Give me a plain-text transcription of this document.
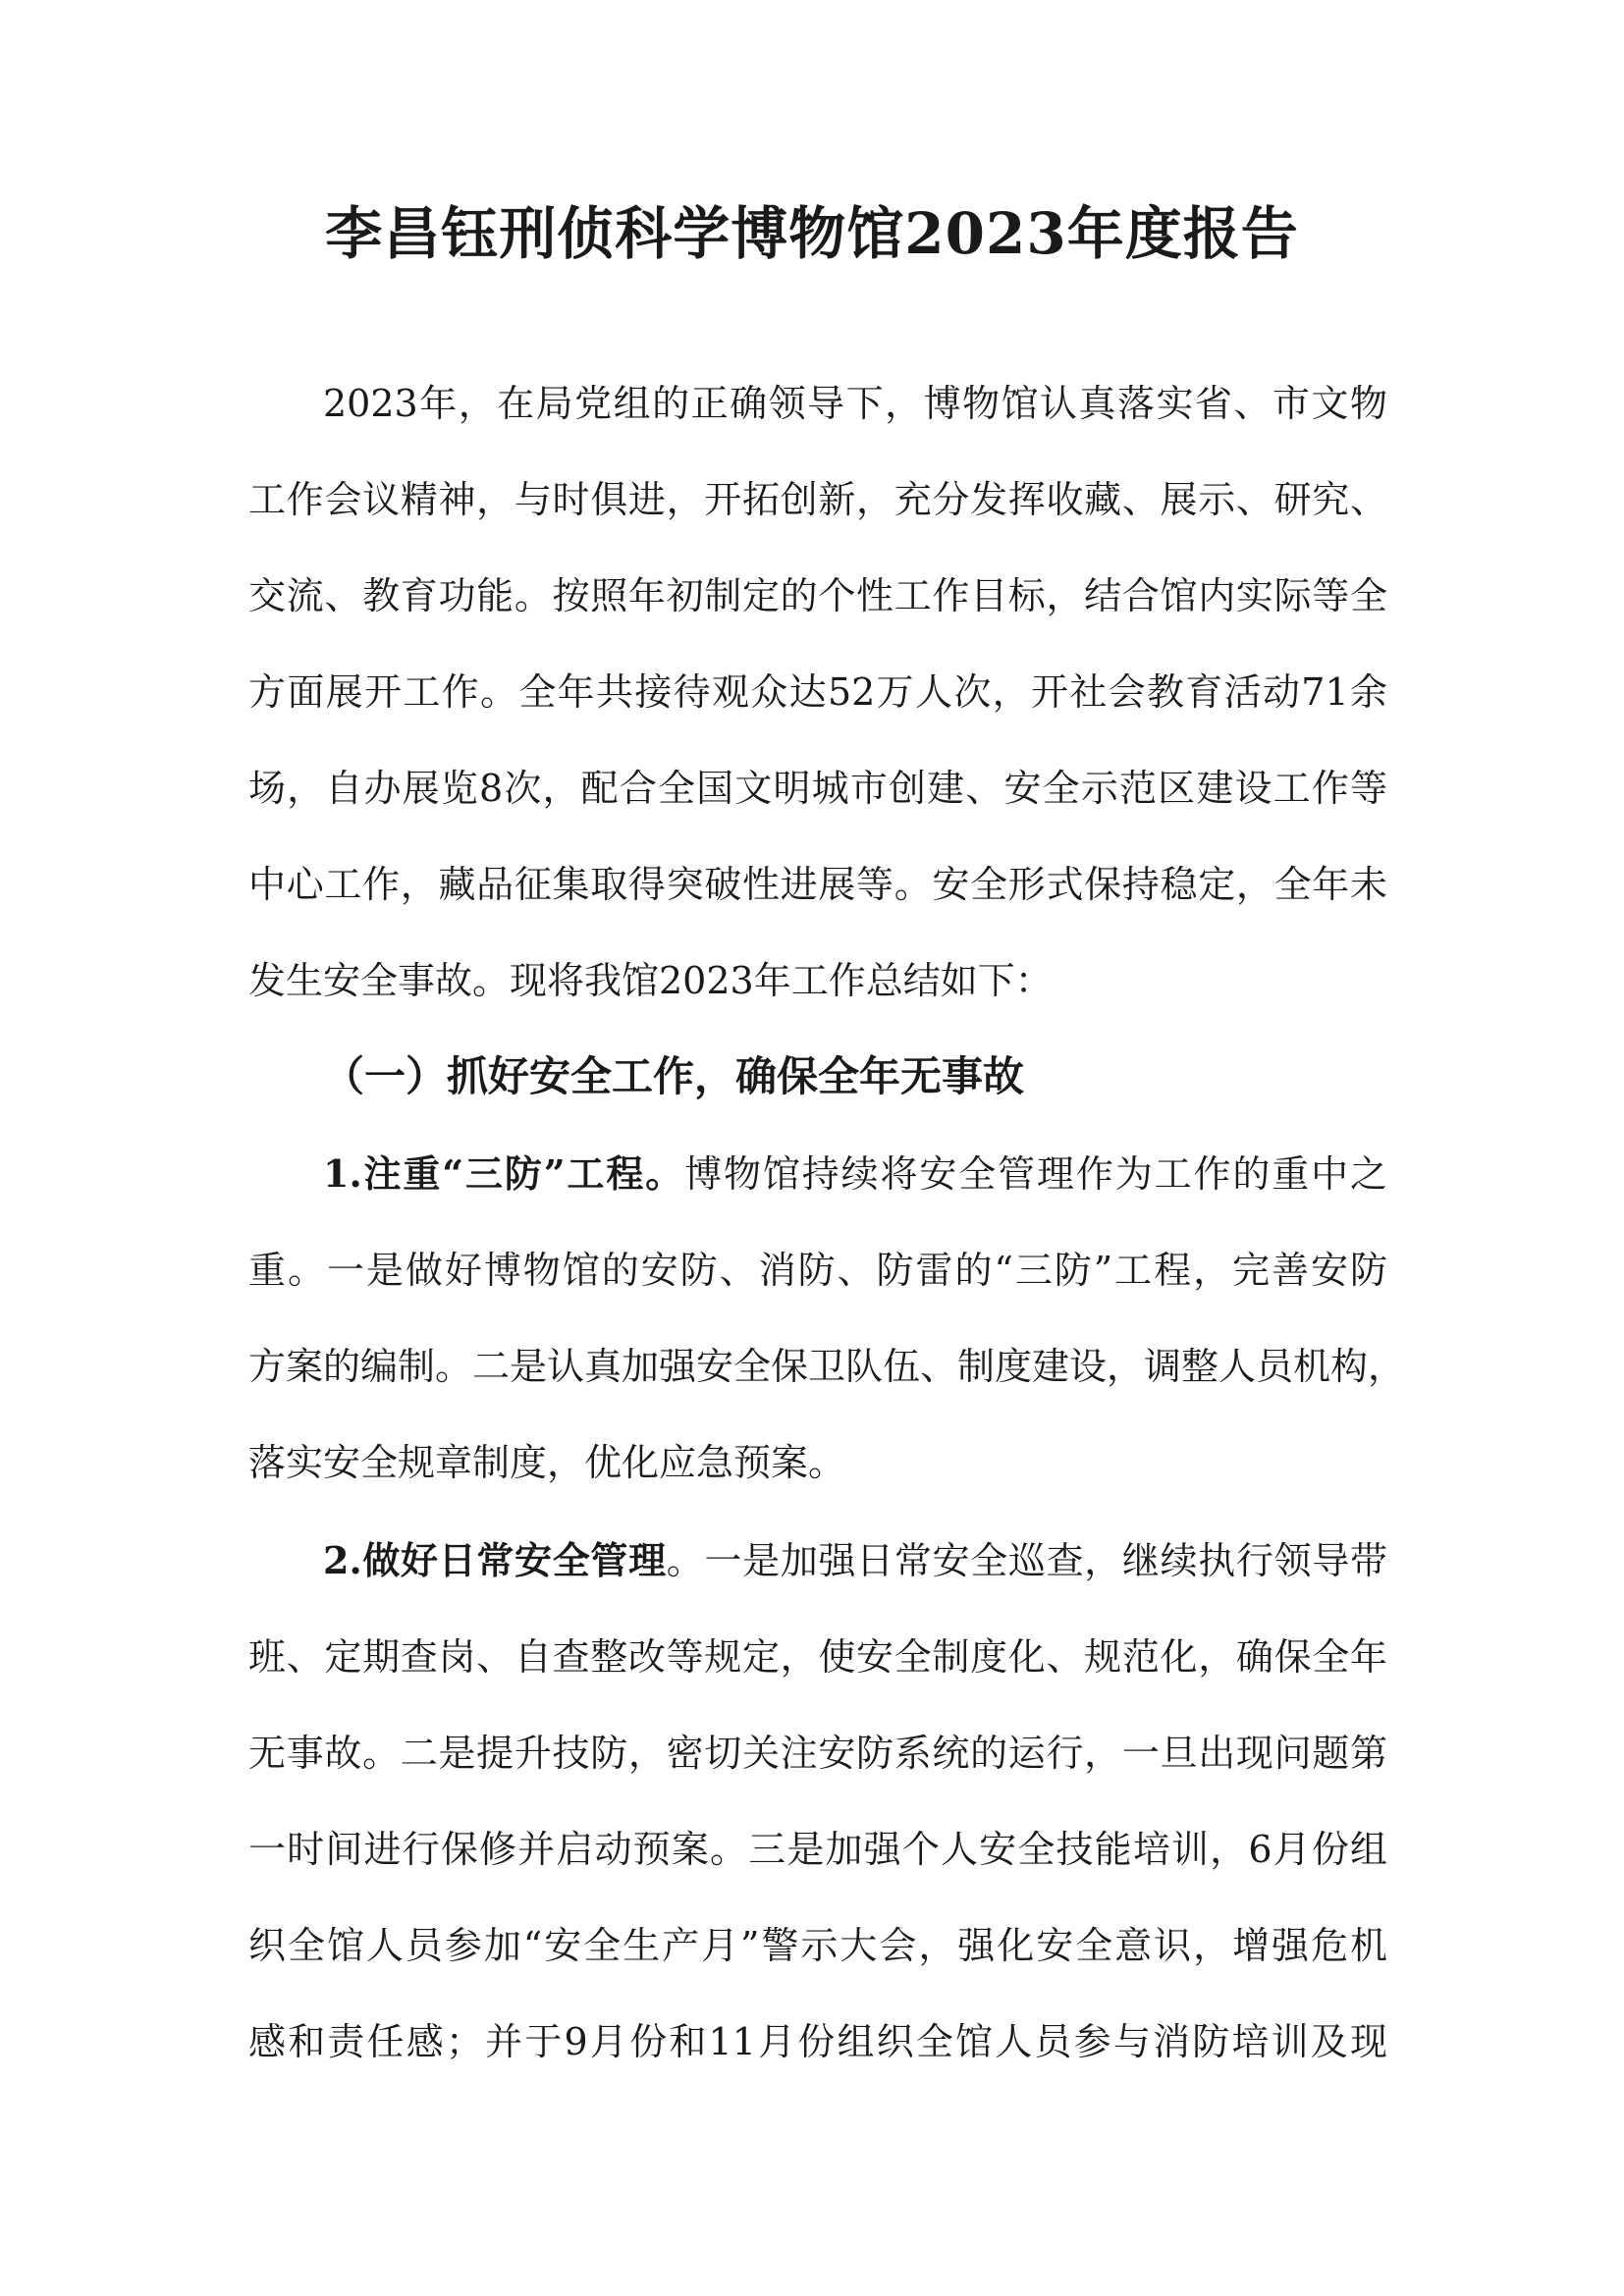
李昌钰刑侦科学博物馆2023年度报告
2023年，在局党组的正确领导下，博物馆认真落实省、市文物
工作会议精神，与时俱进，开拓创新，充分发挥收藏、展示、研究、
交流、教育功能。按照年初制定的个性工作目标，结合馆内实际等全
方面展开工作。全年共接待观众达52万人次，开社会教育活动71余
场，自办展览8次，配合全国文明城市创建、安全示范区建设工作等
中心工作，藏品征集取得突破性进展等。安全形式保持稳定，全年未
发生安全事故。现将我馆2023年工作总结如下：
（一）抓好安全工作，确保全年无事故
1.注重“三防”工程。博物馆持续将安全管理作为工作的重中之
重。一是做好博物馆的安防、消防、防雷的“三防”工程，完善安防
方案的编制。二是认真加强安全保卫队伍、制度建设，调整人员机构，
落实安全规章制度，优化应急预案。
2.做好日常安全管理。一是加强日常安全巡查，继续执行领导带
班、定期查岗、自查整改等规定，使安全制度化、规范化，确保全年
无事故。二是提升技防，密切关注安防系统的运行，一旦出现问题第
一时间进行保修并启动预案。三是加强个人安全技能培训，6月份组
织全馆人员参加“安全生产月”警示大会，强化安全意识，增强危机
感和责任感；并于9月份和11月份组织全馆人员参与消防培训及现
